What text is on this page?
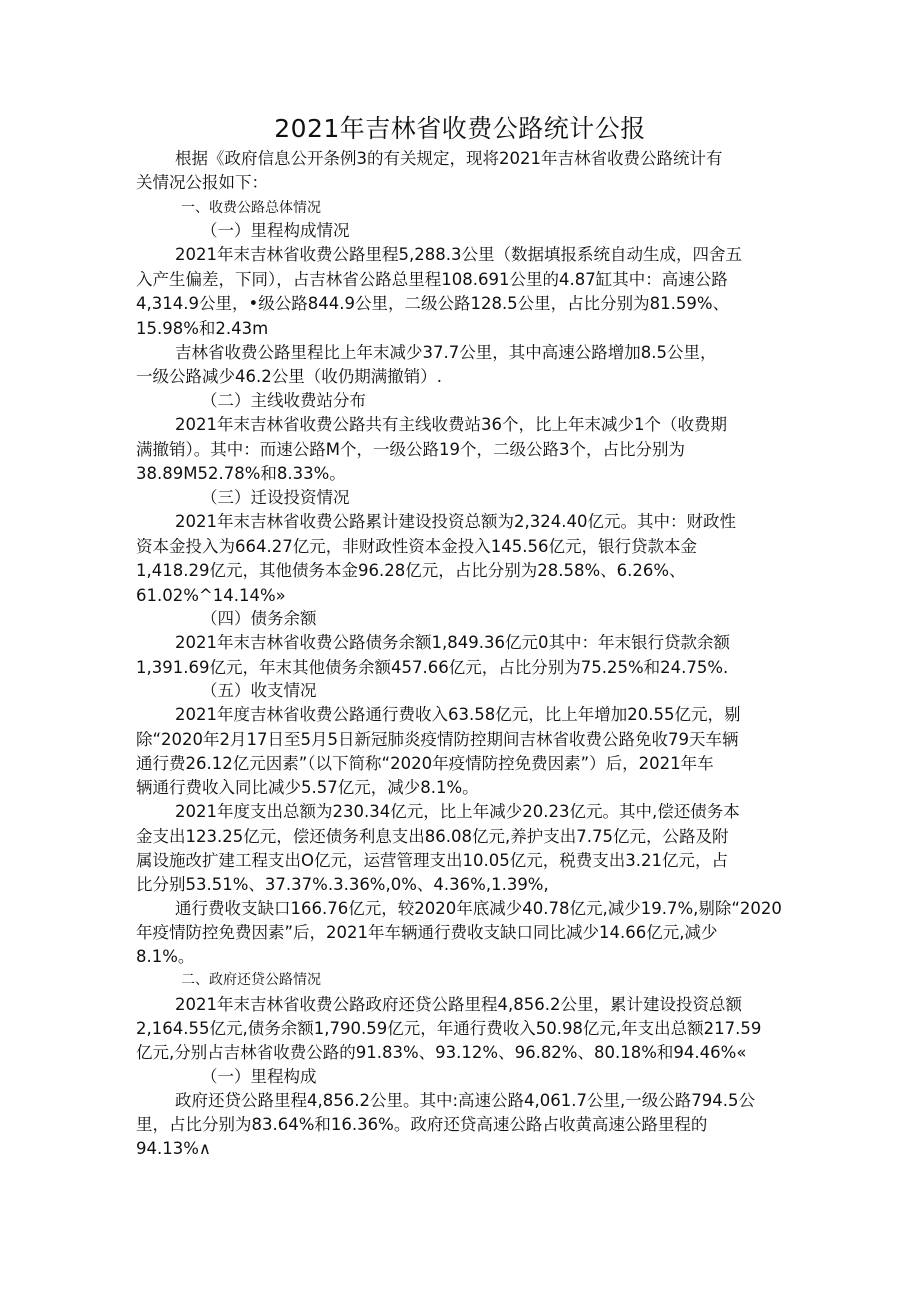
2021年吉林省收费公路统计公报
根据《政府信息公开条例3的有关规定，现将2021年吉林省收费公路统计有
关情况公报如下：
一、收费公路总体情况
（一）里程构成情况
2021年末吉林省收费公路里程5,288.3公里（数据填报系统自动生成，四舍五
入产生偏差，下同），占吉林省公路总里程108.691公里的4.87缸其中：高速公路
4,314.9公里，•级公路844.9公里，二级公路128.5公里，占比分别为81.59%、
15.98%和2.43m
吉林省收费公路里程比上年末减少37.7公里，其中高速公路增加8.5公里，
一级公路减少46.2公里（收仍期满撤销）.
（二）主线收费站分布
2021年末吉林省收费公路共有主线收费站36个，比上年末减少1个（收费期
满撤销）。其中：而速公路M个，一级公路19个，二级公路3个，占比分别为
38.89M52.78%和8.33%。
（三）迁设投资情况
2021年末吉林省收费公路累计建设投资总额为2,324.40亿元。其中：财政性
资本金投入为664.27亿元，非财政性资本金投入145.56亿元，银行贷款本金
1,418.29亿元，其他债务本金96.28亿元，占比分别为28.58%、6.26%、
61.02%^14.14%»
（四）债务余额
2021年末吉林省收费公路债务余额1,849.36亿元0其中：年末银行贷款余额
1,391.69亿元，年末其他债务余额457.66亿元，占比分别为75.25%和24.75%.
（五）收支情况
2021年度吉林省收费公路通行费收入63.58亿元，比上年增加20.55亿元，剔
除“2020年2月17日至5月5日新冠肺炎疫情防控期间吉林省收费公路免收79天车辆
通行费26.12亿元因素”（以下简称“2020年疫情防控免费因素”）后，2021年车
辆通行费收入同比减少5.57亿元，减少8.1%。
2021年度支出总额为230.34亿元，比上年减少20.23亿元。其中,偿还债务本
金支出123.25亿元，偿还债务利息支出86.08亿元,养护支出7.75亿元，公路及附
属设施改扩建工程支出O亿元，运营管理支出10.05亿元，税费支出3.21亿元，占
比分别53.51%、37.37%.3.36%,0%、4.36%,1.39%,
通行费收支缺口166.76亿元，较2020年底减少40.78亿元,减少19.7%,剔除“2020
年疫情防控免费因素”后，2021年车辆通行费收支缺口同比减少14.66亿元,减少
8.1%。
二、政府还贷公路情况
2021年末吉林省收费公路政府还贷公路里程4,856.2公里，累计建设投资总额
2,164.55亿元,债务余额1,790.59亿元，年通行费收入50.98亿元,年支出总额217.59
亿元,分别占吉林省收费公路的91.83%、93.12%、96.82%、80.18%和94.46%«
（一）里程构成
政府还贷公路里程4,856.2公里。其中:高速公路4,061.7公里,一级公路794.5公
里，占比分别为83.64%和16.36%。政府还贷高速公路占收黄高速公路里程的
94.13%∧
